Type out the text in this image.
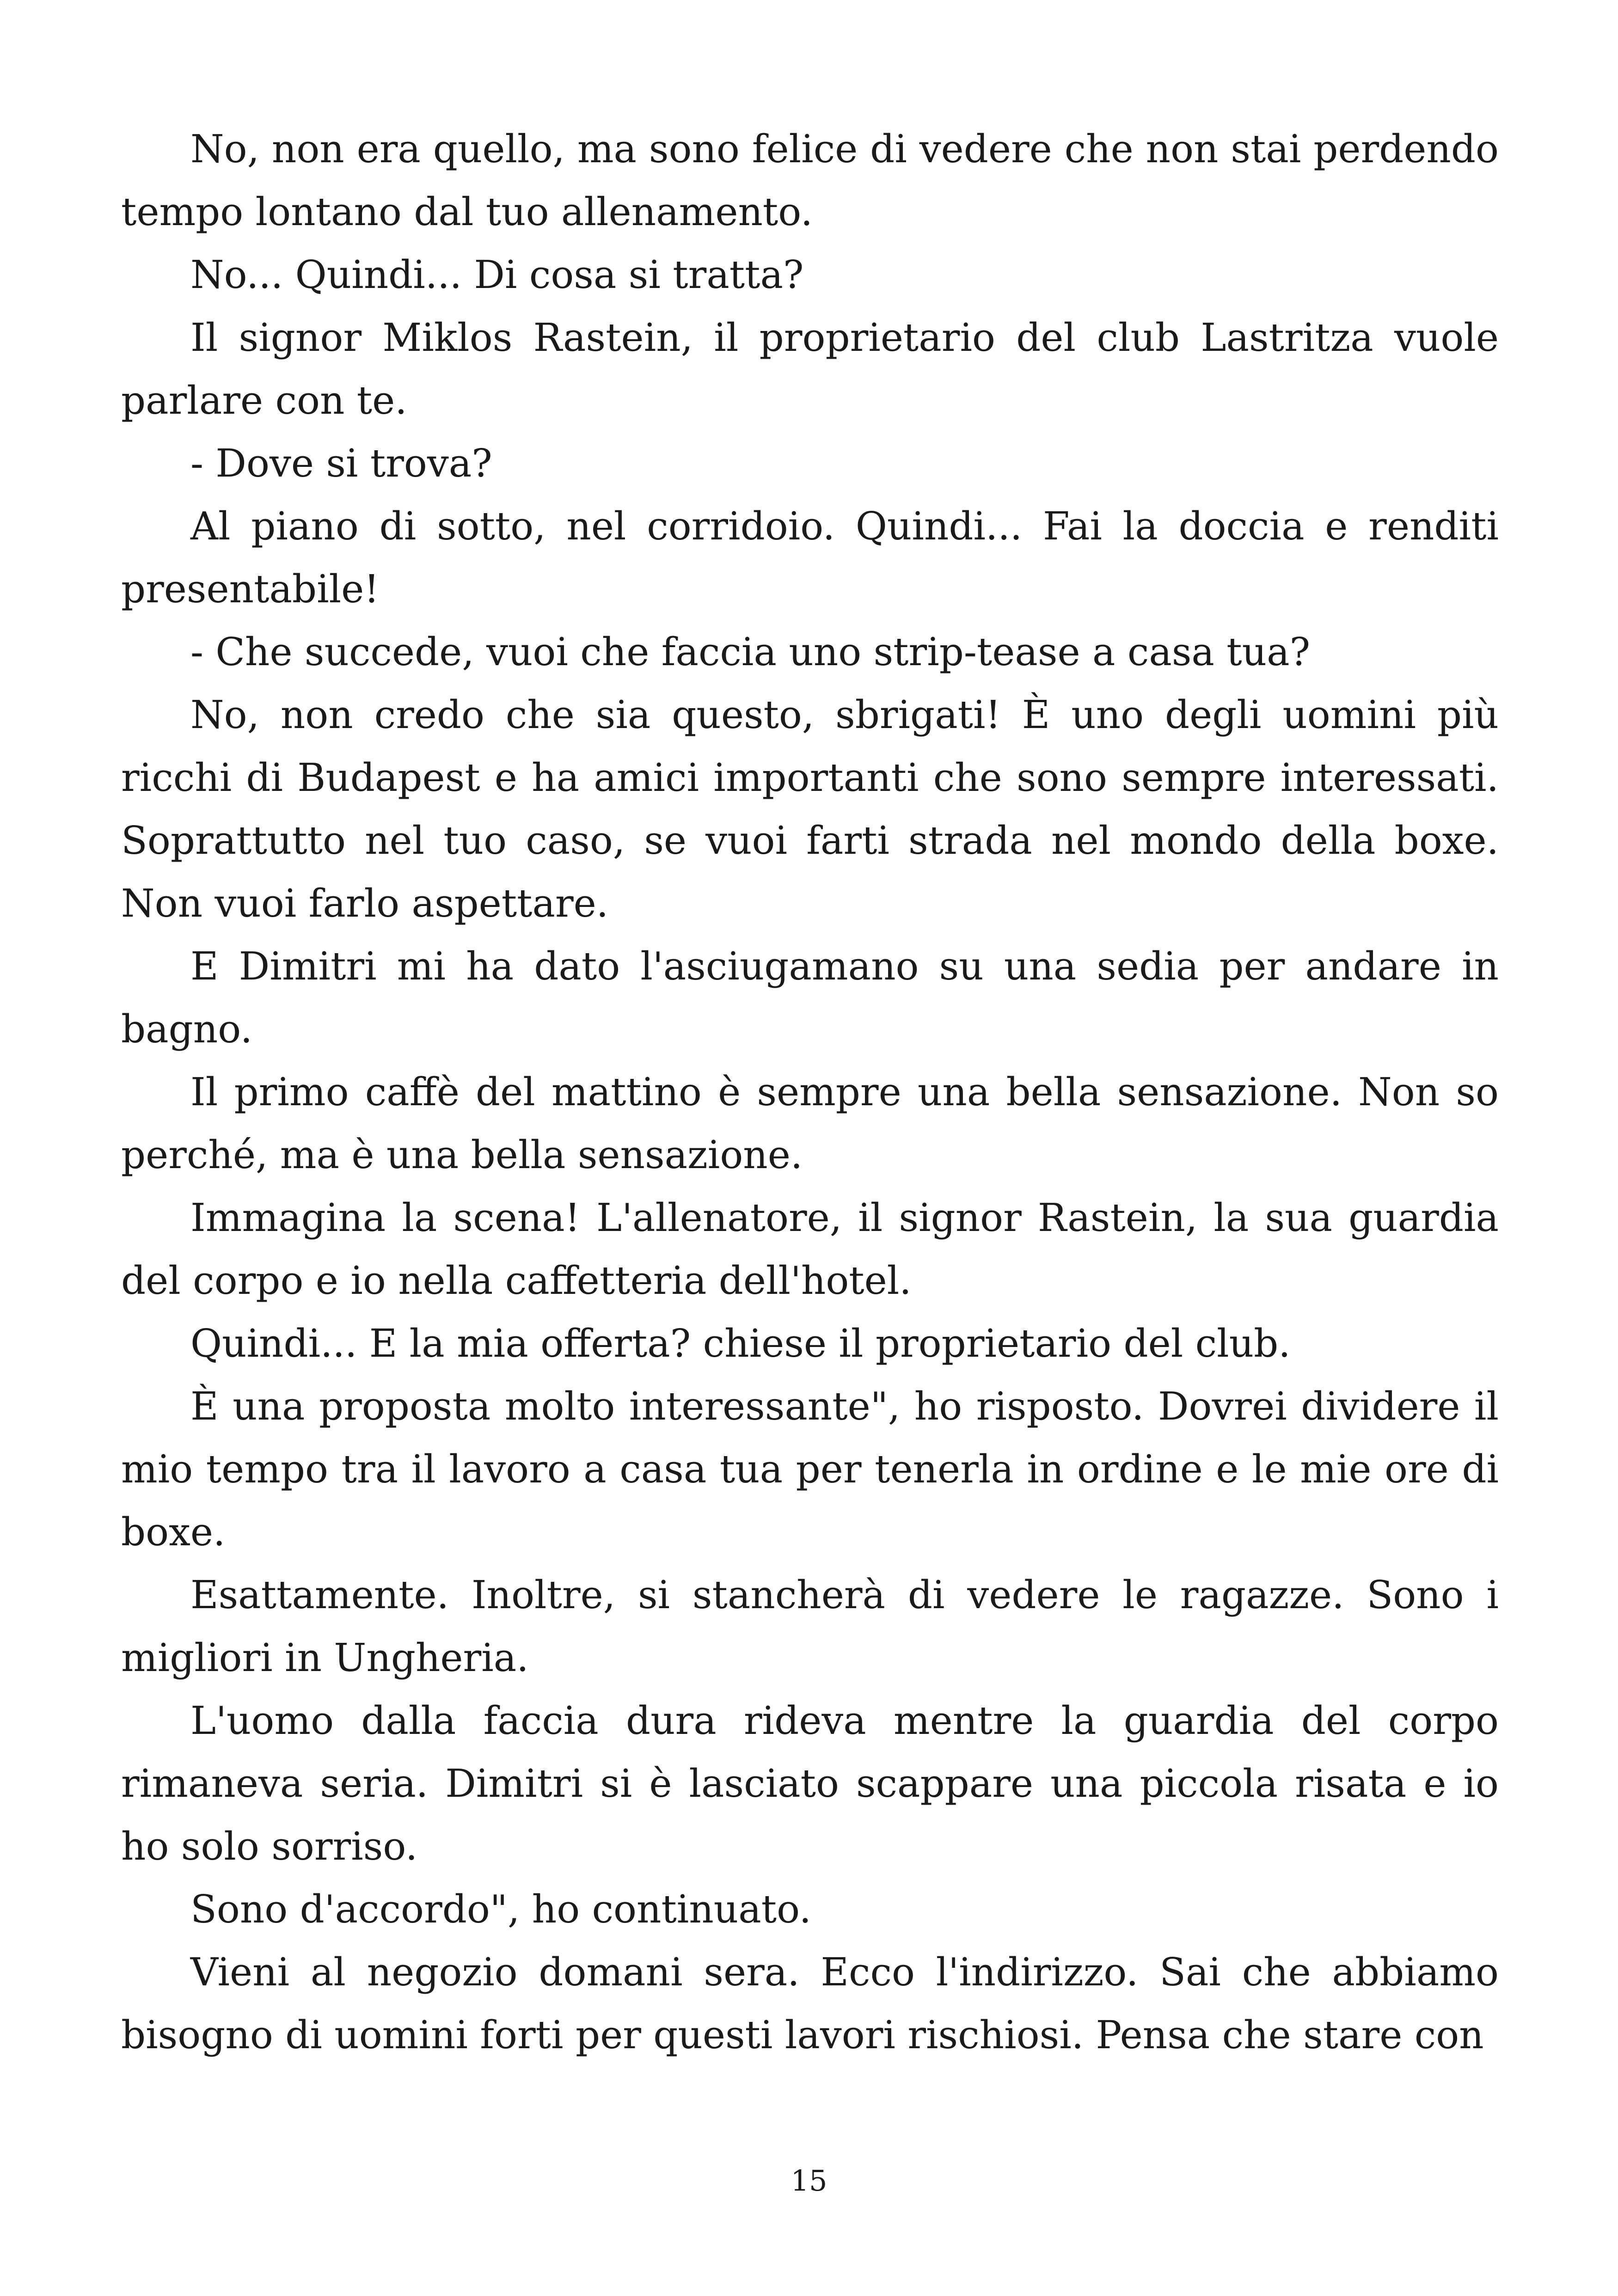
No, non era quello, ma sono felice di vedere che non stai perdendo tempo lontano dal tuo allenamento.

No... Quindi... Di cosa si tratta?

Il signor Miklos Rastein, il proprietario del club Lastritza vuole parlare con te.

- Dove si trova?

Al piano di sotto, nel corridoio. Quindi... Fai la doccia e renditi presentabile!

- Che succede, vuoi che faccia uno strip-tease a casa tua?

No, non credo che sia questo, sbrigati! È uno degli uomini più ricchi di Budapest e ha amici importanti che sono sempre interessati. Soprattutto nel tuo caso, se vuoi farti strada nel mondo della boxe. Non vuoi farlo aspettare.

E Dimitri mi ha dato l'asciugamano su una sedia per andare in bagno.

Il primo caffè del mattino è sempre una bella sensazione. Non so perché, ma è una bella sensazione.

Immagina la scena! L'allenatore, il signor Rastein, la sua guardia del corpo e io nella caffetteria dell'hotel.

Quindi... E la mia offerta? chiese il proprietario del club.

È una proposta molto interessante", ho risposto. Dovrei dividere il mio tempo tra il lavoro a casa tua per tenerla in ordine e le mie ore di boxe.

Esattamente. Inoltre, si stancherà di vedere le ragazze. Sono i migliori in Ungheria.

L'uomo dalla faccia dura rideva mentre la guardia del corpo rimaneva seria. Dimitri si è lasciato scappare una piccola risata e io ho solo sorriso.

Sono d'accordo", ho continuato.

Vieni al negozio domani sera. Ecco l'indirizzo. Sai che abbiamo bisogno di uomini forti per questi lavori rischiosi. Pensa che stare con

15
